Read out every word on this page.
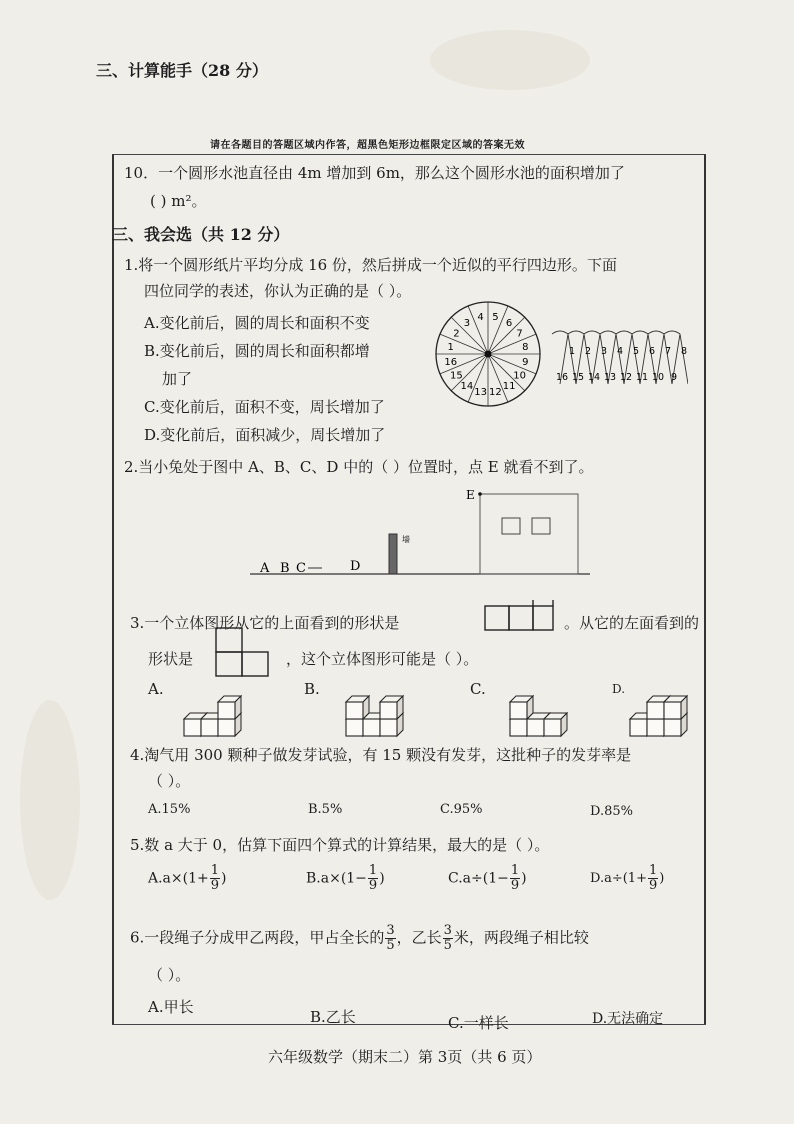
三、计算能手（28 分）
请在各题目的答题区域内作答，超黑色矩形边框限定区域的答案无效
10．一个圆形水池直径由 4m 增加到 6m，那么这个圆形水池的面积增加了
( ) m²。
三、我会选（共 12 分）
1.将一个圆形纸片平均分成 16 份，然后拼成一个近似的平行四边形。下面
四位同学的表述，你认为正确的是（ ）。
A.变化前后，圆的周长和面积不变
B.变化前后，圆的周长和面积都增
加了
C.变化前后，面积不变，周长增加了
D.变化前后，面积减少，周长增加了
1
2
3
4 5
6
7
8
9
10
11
12
13
14
15
16
1
16
2
15
3
14
4
13
5
12
6
11
7
10
8
9
2.当小兔处于图中 A、B、C、D 中的（ ）位置时，点 E 就看不到了。
墙
E
A B C	D
3.一个立体图形从它的上面看到的形状是	。从它的左面看到的
形状是	，这个立体图形可能是（ ）。
A.	B.	C.	D.
4.淘气用 300 颗种子做发芽试验，有 15 颗没有发芽，这批种子的发芽率是
（ ）。
A.15%	B.5%	C.95%	D.85%
5.数 a 大于 0，估算下面四个算式的计算结果，最大的是（ ）。
$A.a\times(1+ \frac{1}{9}$ )	$B.a\times(1- \frac{1}{9}$ )	$C.a\div(1- \frac{1}{9}$ )	$D.a\div(1+ \frac{1}{9}$ )
6.一段绳子分成甲乙两段，甲占全长的 $\frac{3}{5}$ ，乙长 $\frac{3}{5}$ 米，两段绳子相比较
（ ）。
A.甲长
B.乙长	C.一样长	D.无法确定
六年级数学（期末二）第 3页（共 6 页）
